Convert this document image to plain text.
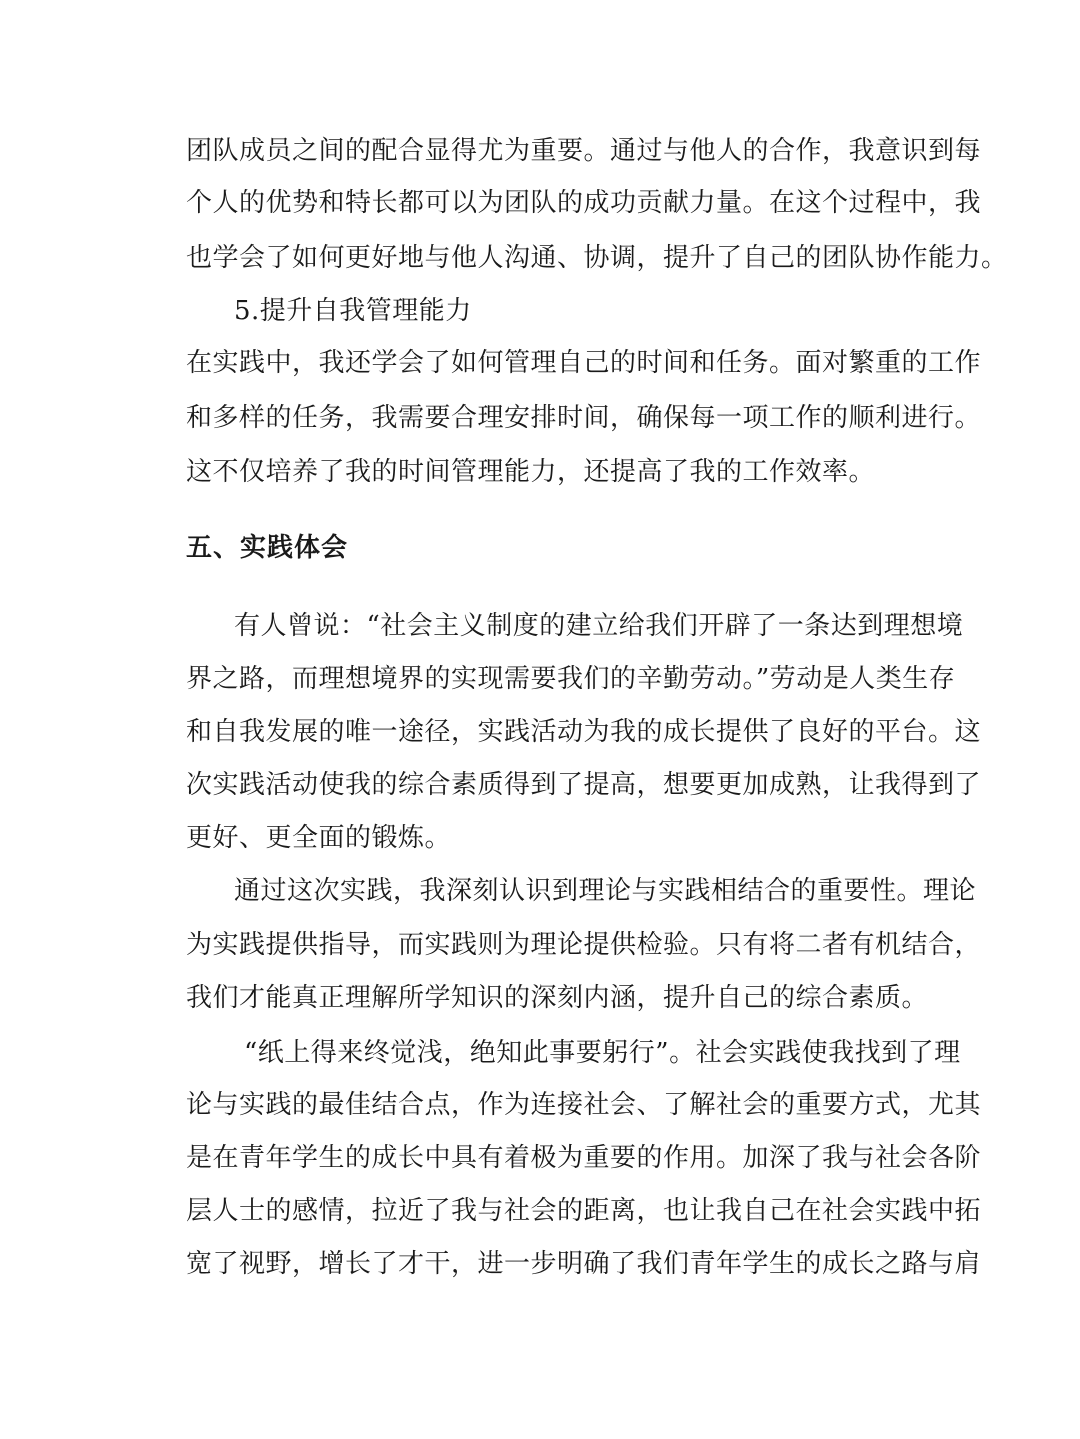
团队成员之间的配合显得尤为重要。通过与他人的合作，我意识到每
个人的优势和特长都可以为团队的成功贡献力量。在这个过程中，我
也学会了如何更好地与他人沟通、协调，提升了自己的团队协作能力。
5.提升自我管理能力
在实践中，我还学会了如何管理自己的时间和任务。面对繁重的工作
和多样的任务，我需要合理安排时间，确保每一项工作的顺利进行。
这不仅培养了我的时间管理能力，还提高了我的工作效率。
五、实践体会
有人曾说：“社会主义制度的建立给我们开辟了一条达到理想境
界之路，而理想境界的实现需要我们的辛勤劳动。”劳动是人类生存
和自我发展的唯一途径，实践活动为我的成长提供了良好的平台。这
次实践活动使我的综合素质得到了提高，想要更加成熟，让我得到了
更好、更全面的锻炼。
通过这次实践，我深刻认识到理论与实践相结合的重要性。理论
为实践提供指导，而实践则为理论提供检验。只有将二者有机结合，
我们才能真正理解所学知识的深刻内涵，提升自己的综合素质。
“纸上得来终觉浅，绝知此事要躬行”。社会实践使我找到了理
论与实践的最佳结合点，作为连接社会、了解社会的重要方式，尤其
是在青年学生的成长中具有着极为重要的作用。加深了我与社会各阶
层人士的感情，拉近了我与社会的距离，也让我自己在社会实践中拓
宽了视野，增长了才干，进一步明确了我们青年学生的成长之路与肩
